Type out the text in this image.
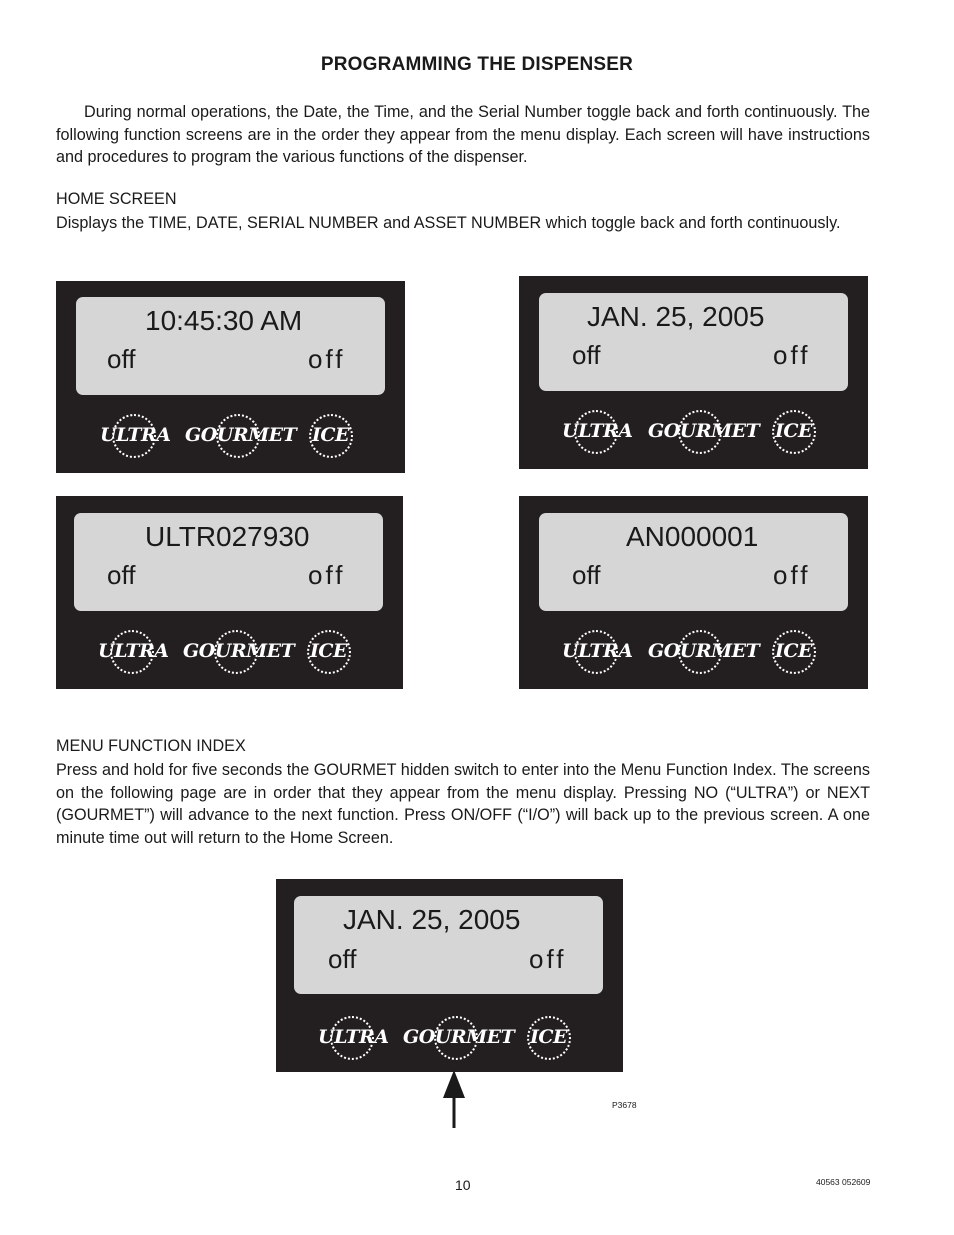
PROGRAMMING THE DISPENSER
During normal operations, the Date, the Time, and the Serial Number toggle back and forth continuously. The following function screens are in the order they appear from the menu display. Each screen will have instructions and procedures to program the various functions of the dispenser.
HOME SCREEN
Displays the TIME, DATE, SERIAL NUMBER and ASSET NUMBER which toggle back and forth continuously.
10:45:30 AM
off	off
ULTRA GOURMET ICE
JAN. 25, 2005
off	off
ULTRA GOURMET ICE
ULTR027930
off	off
ULTRA GOURMET ICE
AN000001
off	off
ULTRA GOURMET ICE
MENU FUNCTION INDEX
Press and hold for five seconds the GOURMET hidden switch to enter into the Menu Function Index. The screens on the following page are in order that they appear from the menu display. Pressing NO (“ULTRA”) or NEXT (GOURMET”) will advance to the next function. Press ON/OFF (“I/O”) will back up to the previous screen. A one minute time out will return to the Home Screen.
JAN. 25, 2005
off	off
ULTRA GOURMET ICE
P3678
10	40563 052609
